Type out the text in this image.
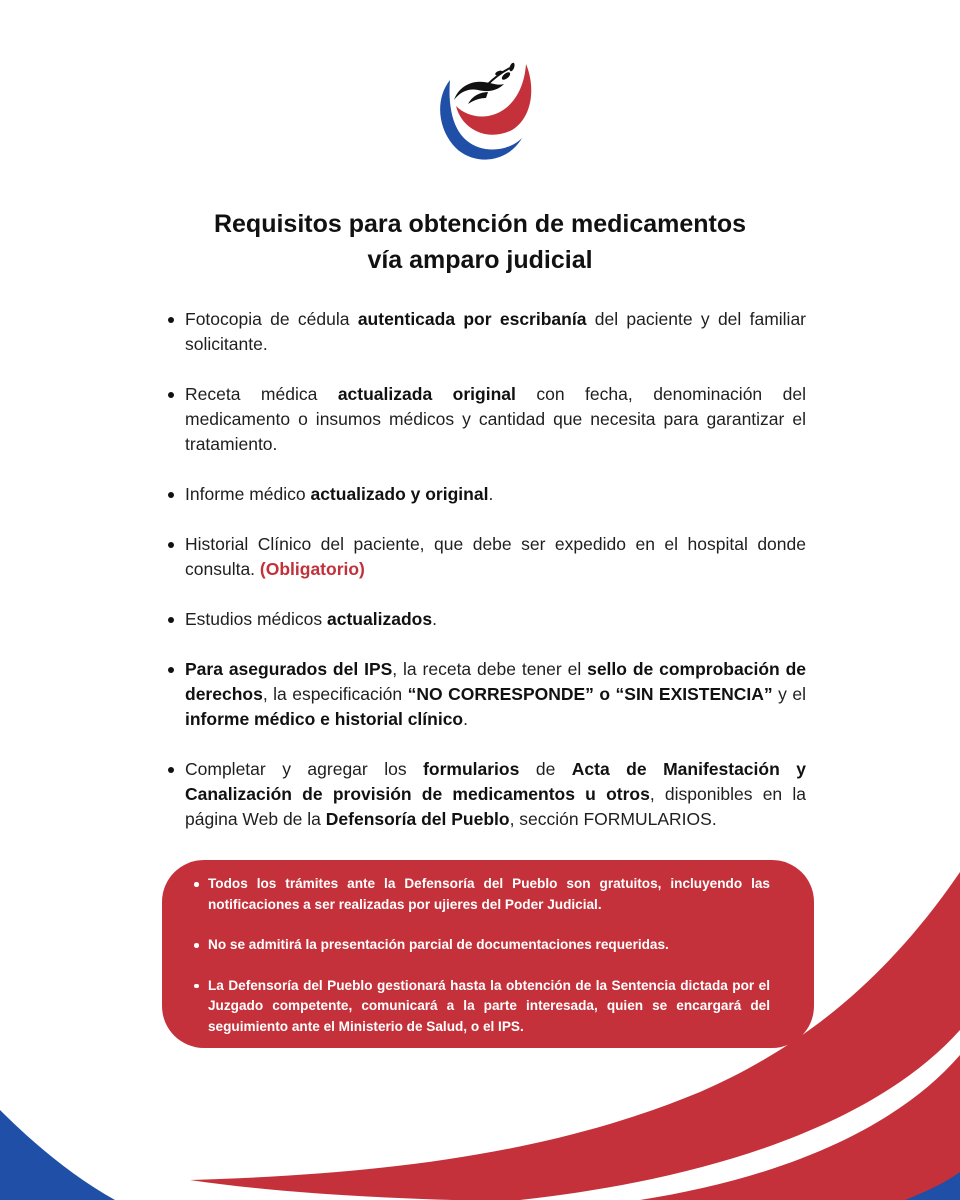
Requisitos para obtención de medicamentos
vía amparo judicial
Fotocopia de cédula autenticada por escribanía del paciente y del familiar solicitante.
Receta médica actualizada original con fecha, denominación del medicamento o insumos médicos y cantidad que necesita para garantizar el tratamiento.
Informe médico actualizado y original.
Historial Clínico del paciente, que debe ser expedido en el hospital donde consulta. (Obligatorio)
Estudios médicos actualizados.
Para asegurados del IPS, la receta debe tener el sello de comprobación de derechos, la especificación “NO CORRESPONDE” o “SIN EXISTENCIA” y el informe médico e historial clínico.
Completar y agregar los formularios de Acta de Manifestación y Canalización de provisión de medicamentos u otros, disponibles en la página Web de la Defensoría del Pueblo, sección FORMULARIOS.
Todos los trámites ante la Defensoría del Pueblo son gratuitos, incluyendo las notificaciones a ser realizadas por ujieres del Poder Judicial.
No se admitirá la presentación parcial de documentaciones requeridas.
La Defensoría del Pueblo gestionará hasta la obtención de la Sentencia dictada por el Juzgado competente, comunicará a la parte interesada, quien se encargará del seguimiento ante el Ministerio de Salud, o el IPS.
